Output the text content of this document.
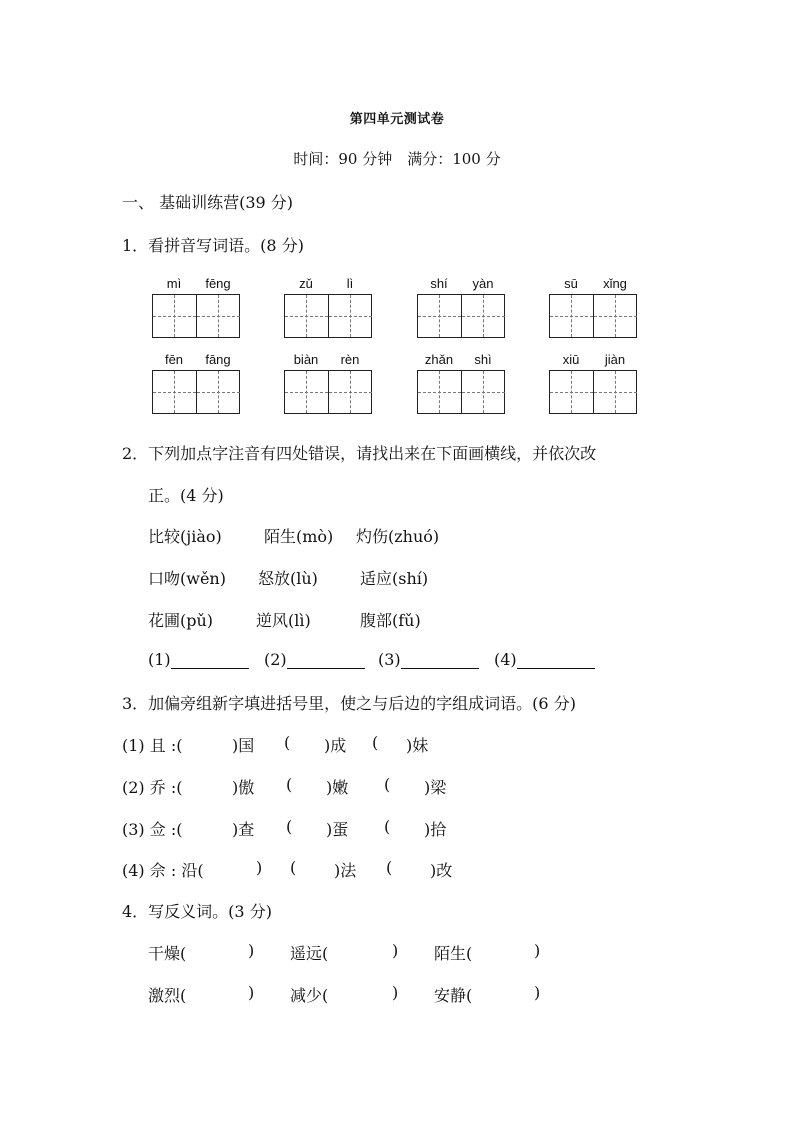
第四单元测试卷
时间：90 分钟　满分：100 分
一、 基础训练营(39 分)
1．看拼音写词语。(8 分)
mì	fēng	zǔ	lì	shí	yàn	sū	xǐng
fēn	fāng	biàn	rèn	zhǎn	shì	xiū	jiàn
2．下列加点字注音有四处错误，请找出来在下面画横线，并依次改
正。(4 分)
比较(jiào)	陌生(mò) 灼伤(zhuó)
口吻(wěn) 怒放(lù)	适应(shí)
花圃(pǔ)	逆风(lì)	腹部(fǔ)
(1)	(2)	(3)	(4)
3．加偏旁组新字填进括号里，使之与后边的字组成词语。(6 分)
(1) 且 :(	)国 ( )成 ( )妹
(2) 乔 :(	)傲 ( )嫩 ( )梁
(3) 佥 :(	)查 ( )蛋 ( )拾
(4) 佘 : 沿(	) ( )法 ( )改
4．写反义词。(3 分)
干燥(	) 遥远(	) 陌生(	)
激烈(	) 减少(	) 安静(	)
